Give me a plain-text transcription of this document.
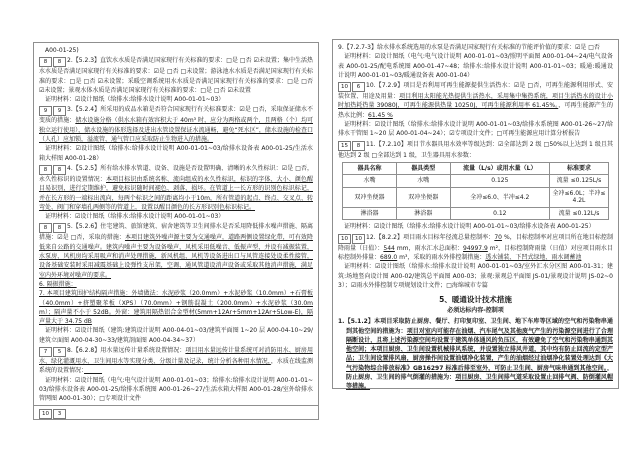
A00-01-25)

8 8 2.【5.2.3】直饮水水质是否满足国家现行有关标准的要求：□是 □否 ☑未设置；集中生活热水水质是否满足国家现行有关标准的要求：☑是 □否 □未设置；游泳池水水质是否满足国家现行有关标准的要求：□是 □否 ☑未设置；采暖空调系统用水水质是否满足国家现行有关标准的要求：□是 □否 ☑未设置；景观水体水质是否满足国家现行有关标准的要求：□是 □否 ☑未设置

证明材料：☑设计图纸（给排水:给排水设计说明 A00-01-01~03）

9 9 3.【5.2.4】所采用的成品水箱是否符合国家现行有关标准要求：☑是 □否，采取保证储水不变质的措施：储水设施分格（供水水箱有效容积大于 40m³ 时，应分为两格或两个，且两格（个）均可独立运行使用），储水设施的体形选择及进出水管设置保证水流通畅，避免“死水区”，储水设施的检查口（人孔）应加锁，溢流管、通气管口应采取防止生物进入的措施。

证明材料：☑设计图纸（给排水:给排水设计说明 A00-01-01~03/给排水设备表 A00-01-25/生活水箱大样图 A00-01-28）

8 8 4.【5.2.5】所有给水排水管道、设备、设施是否设置明确、清晰的永久性标识：☑是 □否，永久性标识的设置情况：本项目标识由系统名称、流向组成的永久性标识，标识的字体、大小、颜色醒目易识别，进行定期维护，避免标识随时间褪色、剥落、损坏。在管道上一长方形的识别色标识标记，并在长方形的一端标出流向，每两个标识之间的距离均小于10m，所有管道的起点、终点、交叉点、转弯处、阀门和穿墙孔两侧等的管道上，设置以醒目颜色的长方形识别色标识标记。

证明材料：☑设计图纸（给排水:给排水设计说明 A00-01-01~03）

8 8 5.【5.2.6】住宅建筑、旅馆建筑、宿舍建筑等卫生间排水是否采用降低排水噪声措施、隔离措施：☑是 □否，采取的措施：本项目建筑外噪声源主要为交通噪声，道路两侧设置绿化带，可有效降低来自公路的交通噪声。建筑内噪声主要为设备噪声，风机采用低噪音、低振声型，并设有减振装置，水泵房、风机房均采用吸声和消声处理措施，新风机组、风机等设备进出口与风管连接处设柔性接管，设备基础安装时采用减震基础上设弹性支吊架，空调、通风管道设消声设备或采取其他消声措施，满足室内外环境对噪声的要求。

6. 隔振措施：

7. 本项目建筑围护结构隔声措施：外墙做法：水泥砂浆（20.0mm）+水泥砂浆（10.0mm）+石膏板（40.0mm）+挤塑聚苯板（XPS）（70.0mm）+钢筋混凝土（200.0mm）+水泥砂浆（30.0mm）；隔声量不小于 52dB。外窗：建筑用隔热铝合金型材(5mm+12Ar+5mm+12Ar+5Low-E)，隔声量大于 34.75 dB

证明材料：☑设计图纸（建筑:建筑设计说明 A00-04-01~03/建筑平面图 1~20 层 A00-04-10~29/建筑立面图 A00-04-30~33/建筑剖面图 A00-04-34~37）

7 5 8.【6.2.8】用水量远传计量系统设置情况：项目用水量远传计量系统可对消防用水、厨房用水、绿化灌溉用水、卫生间用水等实现分类、分级计量及记录，统计分析各种用水情况，，水质在线监测系统的设置情况：　　　

证明材料：☑设计图纸（电气:电气设计说明 A00-01-01~03；给排水:给排水设计说明 A00-01-01~03/给排水设备表 A00-01-25/给排水系统图 A00-01-26~27/生活水箱大样图 A00-01-28/室外给排水管网图 A00-01-30）；□专项设计文件

10 3

9.【7.2.7-3】给水排水系统选用的水泵是否满足国家现行有关标准的节能评价值的要求：☑是 □否

证明材料：☑设计图纸（电气:电气设计说明 A00-01-01~03/照明平面图 A00-01-04~24/电气设备表 A00-01-25/配电系统图 A00-01-47~48；给排水:给排水设计说明 A00-01-01~03；暖通:暖通设计说明 A00-01-01~03/暖通设备表 A00-01-04）

10 6 10.【7.2.9】项目是否利用可再生能源提供生活热水：☑是 □否，可再生能源利用形式、安装位置、用途及用量：项目利用太阳能光热提供生活热水，采用集中集热系统，项目生活热水的设计小时加热耗热量 39080J，可再生能源供热量 10250J，可再生能源利用率 61.45%。，可再生能源产生的热水比例：61.45 %

证明材料：☑设计图纸（给排水:给排水设计说明 A00-01-01~03/给排水系统图 A00-01-26~27/给排水干管图 1~20 层 A00-01-04~24）；☑专项设计文件；□可再生能源应用计算分析报告

15 8 11.【7.2.10】项目节水器具用水效率等级达到：☑全部达到 2 级 □50%以上达到 1 级且其他达到 2 级 □全部达到 1 级，卫生器具用水参数：

器具名称	器具类型	流量（L/s）或用水量（L）	标准要求
水嘴	水嘴	0.125	流量 ≤0.125L/s
双冲坐便器	双冲坐便器	全冲≤6.0、半冲≤4.2	全冲≤6.0L；半冲≤4.2L
淋浴器	淋浴器	0.12	流量 ≤0.12L/s

证明材料：☑设计图纸（给排水:给排水设计说明 A00-01-01~03/给排水设备表 A00-01-25）

10 10 12.【8.2.2】项目雨水目标年径流总量控制率：70 %，目标控制率对应项目所在地目标控制降雨量（日值）：544 mm，雨水汇水总面积：94997.9 m²，目标控制降雨量（日值）对应项目雨水目标控制外排量：689.0 m³，采取的雨水外排控制措施：透水铺装、下凹式绿地、雨水调蓄池

证明材料：☑设计图纸（给排水:给排水设计说明 A00-01-01~03/室外汇水分区图 A00-01-31；建筑:场地竖向设计图 A00-02/建筑总平面图 A00-03；景观:景观总平面图 JS-01/景观设计说明 JS-02~03）；☑雨水外排控制专项规划设计文件；□海绵城市专篇

5、暖通设计技术措施
必须达标内容-控制项

1.【5.1.2】本项目采取防止厨房、餐厅、打印复印室、卫生间、地下车库等区域的空气和污染物串通到其他空间的措施为：项目对室内可能存在油烟、汽车尾气及其他废气产生的污染源空间进行了合理隔断设计，且将上述污染源空间均设置于建筑单体通风的负压区，有效避免了空气和污染物串通到其他空间；本项目厨房、卫生间设置机械排风系统，并设置独立排风井道，其中均有防止回流的定型产品；卫生间设置排风扇，厨房操作间设置油烟净化装置，产生的油烟经过油烟净化装置处理达到《大气污染物综合排放标准》GB16297 标准后排至室外，可防止卫生间、厨房气味串通到其他空间。，防止厨房、卫生间的排气倒灌的措施为：项目厨房、卫生间排气道采取设置止回排气阀、防倒灌风帽等措施。
